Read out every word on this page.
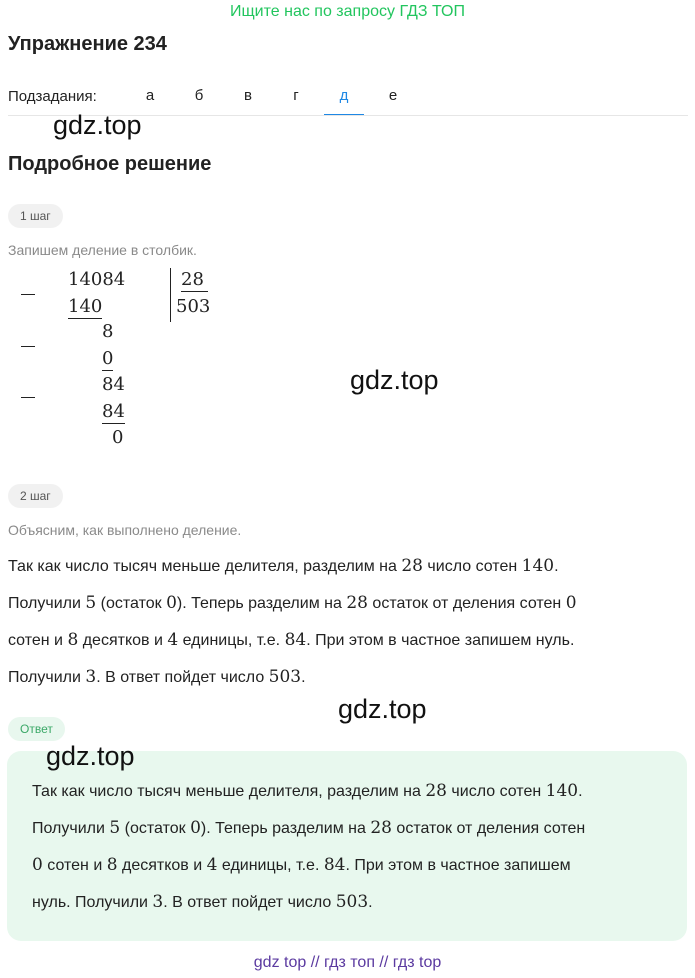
Ищите нас по запросу ГДЗ ТОП
Упражнение 234
Подзадания:	а	б	в	г	д	е
gdz.top
Подробное решение
1 шаг
Запишем деление в столбик.
14084
140
8
0
84
84
0
28
503
gdz.top
2 шаг
Объясним, как выполнено деление.
Так как число тысяч меньше делителя, разделим на 28 число сотен 140.
Получили 5 (остаток 0). Теперь разделим на 28 остаток от деления сотен 0
сотен и 8 десятков и 4 единицы, т.е. 84. При этом в частное запишем нуль.
Получили 3. В ответ пойдет число 503.
gdz.top
Ответ
Так как число тысяч меньше делителя, разделим на 28 число сотен 140.
Получили 5 (остаток 0). Теперь разделим на 28 остаток от деления сотен
0 сотен и 8 десятков и 4 единицы, т.е. 84. При этом в частное запишем
нуль. Получили 3. В ответ пойдет число 503.
gdz.top
gdz top // гдз топ // гдз top
